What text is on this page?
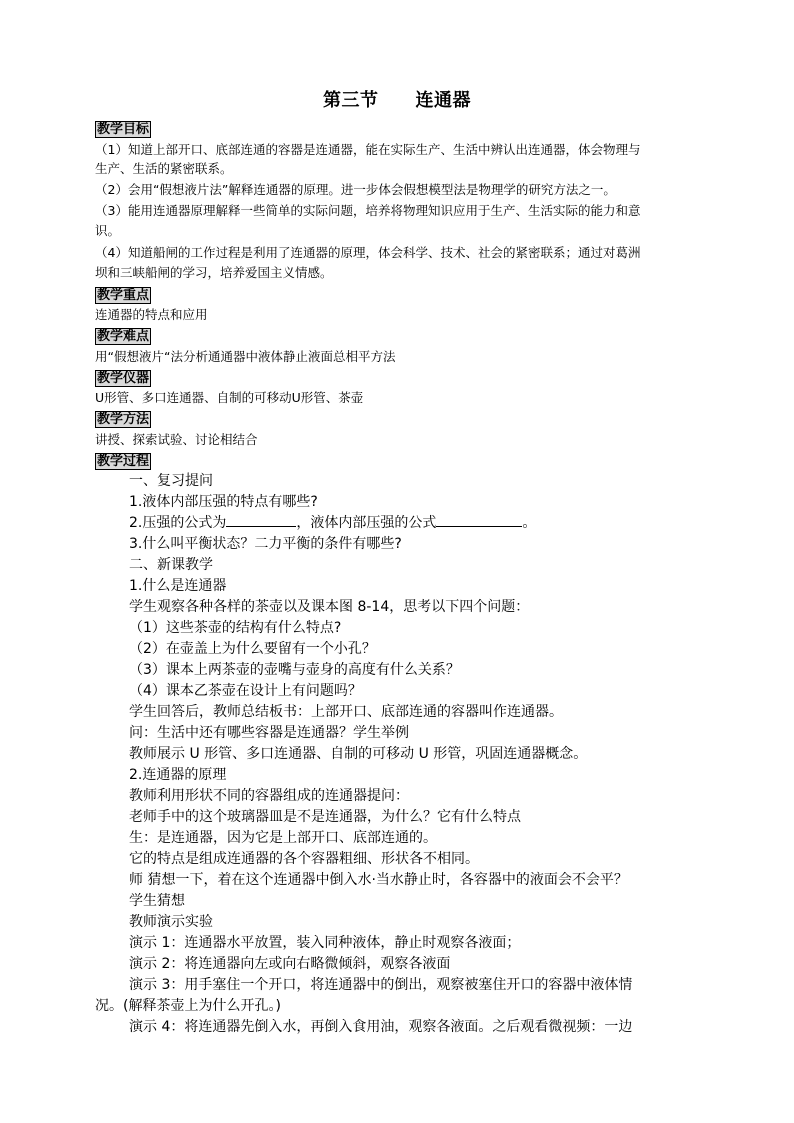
第三节　　连通器
教学目标
（1）知道上部开口、底部连通的容器是连通器，能在实际生产、生活中辨认出连通器，体会物理与
生产、生活的紧密联系。
（2）会用“假想液片法”解释连通器的原理。进一步体会假想模型法是物理学的研究方法之一。
（3）能用连通器原理解释一些简单的实际问题，培养将物理知识应用于生产、生活实际的能力和意
识。
（4）知道船闸的工作过程是利用了连通器的原理，体会科学、技术、社会的紧密联系；通过对葛洲
坝和三峡船闸的学习，培养爱国主义情感。
教学重点
连通器的特点和应用
教学难点
用“假想液片“法分析通通器中液体静止液面总相平方法
教学仪器
U形管、多口连通器、自制的可移动U形管、茶壶
教学方法
讲授、探索试验、讨论相结合
教学过程
一、复习提问
1.液体内部压强的特点有哪些?
2.压强的公式为	，液体内部压强的公式	。
3.什么叫平衡状态？二力平衡的条件有哪些?
二、新课教学
1.什么是连通器
学生观察各种各样的茶壶以及课本图 8-14，思考以下四个问题：
（1）这些茶壶的结构有什么特点?
（2）在壶盖上为什么要留有一个小孔？
（3）课本上两茶壶的壶嘴与壶身的高度有什么关系？
（4）课本乙茶壶在设计上有问题吗？
学生回答后，教师总结板书：上部开口、底部连通的容器叫作连通器。
问：生活中还有哪些容器是连通器？学生举例
教师展示 U 形管、多口连通器、自制的可移动 U 形管，巩固连通器概念。
2.连通器的原理
教师利用形状不同的容器组成的连通器提问：
老师手中的这个玻璃器皿是不是连通器，为什么？它有什么特点
生：是连通器，因为它是上部开口、底部连通的。
它的特点是组成连通器的各个容器粗细、形状各不相同。
师 猜想一下，着在这个连通器中倒入水·当水静止时，各容器中的液面会不会平？
学生猜想
教师演示实验
演示 1：连通器水平放置，装入同种液体，静止时观察各液面；
演示 2：将连通器向左或向右略微倾斜，观察各液面
演示 3：用手塞住一个开口，将连通器中的倒出，观察被塞住开口的容器中液体情
况。(解释茶壶上为什么开孔。)
演示 4：将连通器先倒入水，再倒入食用油，观察各液面。之后观看微视频：一边
